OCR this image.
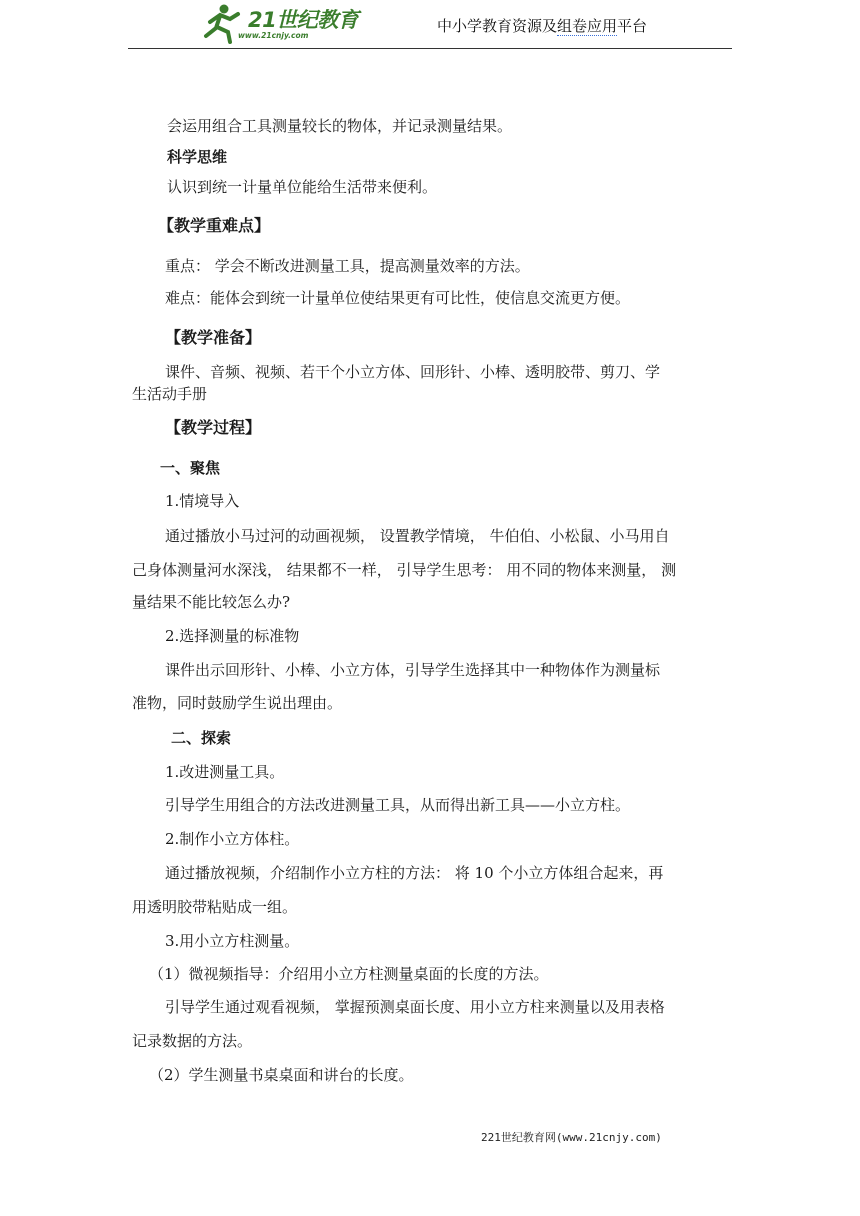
21世纪教育
www.21cnjy.com
中小学教育资源及组卷应用平台
会运用组合工具测量较长的物体，并记录测量结果。
科学思维
认识到统一计量单位能给生活带来便利。
【教学重难点】
重点： 学会不断改进测量工具，提高测量效率的方法。
难点：能体会到统一计量单位使结果更有可比性，使信息交流更方便。
【教学准备】
课件、音频、视频、若干个小立方体、回形针、小棒、透明胶带、剪刀、学
生活动手册
【教学过程】
一、聚焦
1.情境导入
通过播放小马过河的动画视频， 设置教学情境， 牛伯伯、小松鼠、小马用自
己身体测量河水深浅， 结果都不一样， 引导学生思考： 用不同的物体来测量， 测
量结果不能比较怎么办?
2.选择测量的标准物
课件出示回形针、小棒、小立方体，引导学生选择其中一种物体作为测量标
准物，同时鼓励学生说出理由。
二、探索
1.改进测量工具。
引导学生用组合的方法改进测量工具，从而得出新工具——小立方柱。
2.制作小立方体柱。
通过播放视频，介绍制作小立方柱的方法： 将 10 个小立方体组合起来，再
用透明胶带粘贴成一组。
3.用小立方柱测量。
（1）微视频指导：介绍用小立方柱测量桌面的长度的方法。
引导学生通过观看视频， 掌握预测桌面长度、用小立方柱来测量以及用表格
记录数据的方法。
（2）学生测量书桌桌面和讲台的长度。
221世纪教育网(www.21cnjy.com)
